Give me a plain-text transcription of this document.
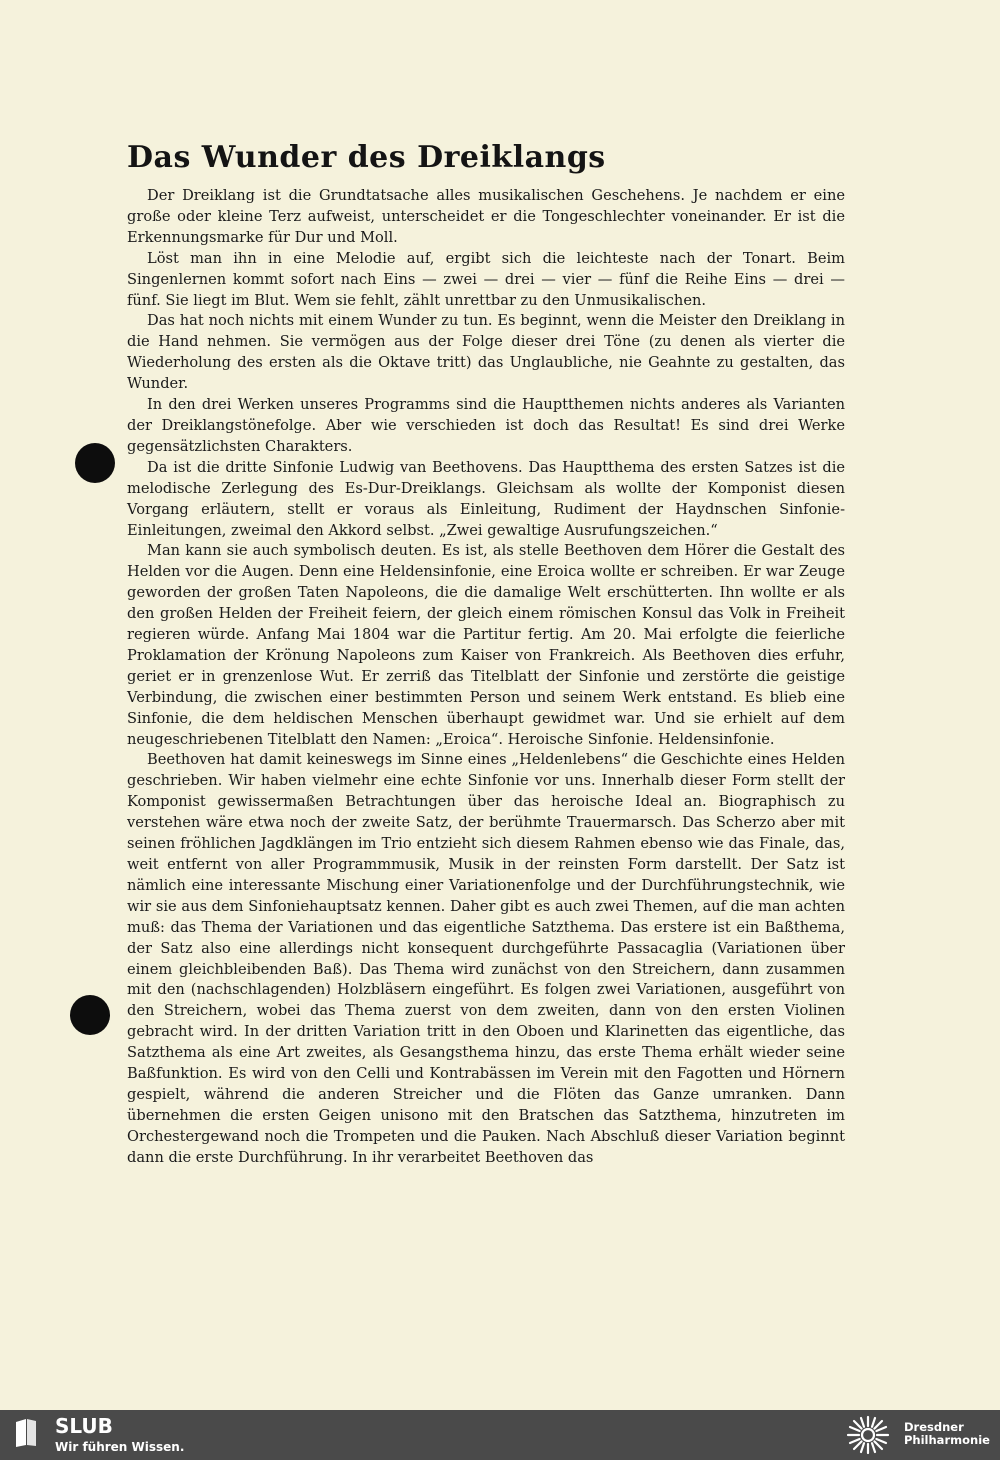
Das Wunder des Dreiklangs

Der Dreiklang ist die Grundtatsache alles musikalischen Geschehens. Je nachdem er eine große oder kleine Terz aufweist, unterscheidet er die Tongeschlechter voneinander. Er ist die Erkennungsmarke für Dur und Moll.

Löst man ihn in eine Melodie auf, ergibt sich die leichteste nach der Tonart. Beim Singenlernen kommt sofort nach Eins — zwei — drei — vier — fünf die Reihe Eins — drei — fünf. Sie liegt im Blut. Wem sie fehlt, zählt unrettbar zu den Unmusikalischen.

Das hat noch nichts mit einem Wunder zu tun. Es beginnt, wenn die Meister den Dreiklang in die Hand nehmen. Sie vermögen aus der Folge dieser drei Töne (zu denen als vierter die Wiederholung des ersten als die Oktave tritt) das Unglaubliche, nie Geahnte zu gestalten, das Wunder.

In den drei Werken unseres Programms sind die Hauptthemen nichts anderes als Varianten der Dreiklangstönefolge. Aber wie verschieden ist doch das Resultat! Es sind drei Werke gegensätzlichsten Charakters.

Da ist die dritte Sinfonie Ludwig van Beethovens. Das Hauptthema des ersten Satzes ist die melodische Zerlegung des Es-Dur-Dreiklangs. Gleichsam als wollte der Komponist diesen Vorgang erläutern, stellt er voraus als Einleitung, Rudiment der Haydnschen Sinfonie-Einleitungen, zweimal den Akkord selbst. „Zwei gewaltige Ausrufungszeichen.“

Man kann sie auch symbolisch deuten. Es ist, als stelle Beethoven dem Hörer die Gestalt des Helden vor die Augen. Denn eine Heldensinfonie, eine Eroica wollte er schreiben. Er war Zeuge geworden der großen Taten Napoleons, die die damalige Welt erschütterten. Ihn wollte er als den großen Helden der Freiheit feiern, der gleich einem römischen Konsul das Volk in Freiheit regieren würde. Anfang Mai 1804 war die Partitur fertig. Am 20. Mai erfolgte die feierliche Proklamation der Krönung Napoleons zum Kaiser von Frankreich. Als Beethoven dies erfuhr, geriet er in grenzenlose Wut. Er zerriß das Titelblatt der Sinfonie und zerstörte die geistige Verbindung, die zwischen einer bestimmten Person und seinem Werk entstand. Es blieb eine Sinfonie, die dem heldischen Menschen überhaupt gewidmet war. Und sie erhielt auf dem neugeschriebenen Titelblatt den Namen: „Eroica“. Heroische Sinfonie. Heldensinfonie.

Beethoven hat damit keineswegs im Sinne eines „Heldenlebens“ die Geschichte eines Helden geschrieben. Wir haben vielmehr eine echte Sinfonie vor uns. Innerhalb dieser Form stellt der Komponist gewissermaßen Betrachtungen über das heroische Ideal an. Biographisch zu verstehen wäre etwa noch der zweite Satz, der berühmte Trauermarsch. Das Scherzo aber mit seinen fröhlichen Jagdklängen im Trio entzieht sich diesem Rahmen ebenso wie das Finale, das, weit entfernt von aller Programmmusik, Musik in der reinsten Form darstellt. Der Satz ist nämlich eine interessante Mischung einer Variationenfolge und der Durchführungstechnik, wie wir sie aus dem Sinfoniehauptsatz kennen. Daher gibt es auch zwei Themen, auf die man achten muß: das Thema der Variationen und das eigentliche Satzthema. Das erstere ist ein Baßthema, der Satz also eine allerdings nicht konsequent durchgeführte Passacaglia (Variationen über einem gleichbleibenden Baß). Das Thema wird zunächst von den Streichern, dann zusammen mit den (nachschlagenden) Holzbläsern eingeführt. Es folgen zwei Variationen, ausgeführt von den Streichern, wobei das Thema zuerst von dem zweiten, dann von den ersten Violinen gebracht wird. In der dritten Variation tritt in den Oboen und Klarinetten das eigentliche, das Satzthema als eine Art zweites, als Gesangsthema hinzu, das erste Thema erhält wieder seine Baßfunktion. Es wird von den Celli und Kontrabässen im Verein mit den Fagotten und Hörnern gespielt, während die anderen Streicher und die Flöten das Ganze umranken. Dann übernehmen die ersten Geigen unisono mit den Bratschen das Satzthema, hinzutreten im Orchestergewand noch die Trompeten und die Pauken. Nach Abschluß dieser Variation beginnt dann die erste Durchführung. In ihr verarbeitet Beethoven das

SLUB
Wir führen Wissen.
Dresdner Philharmonie
